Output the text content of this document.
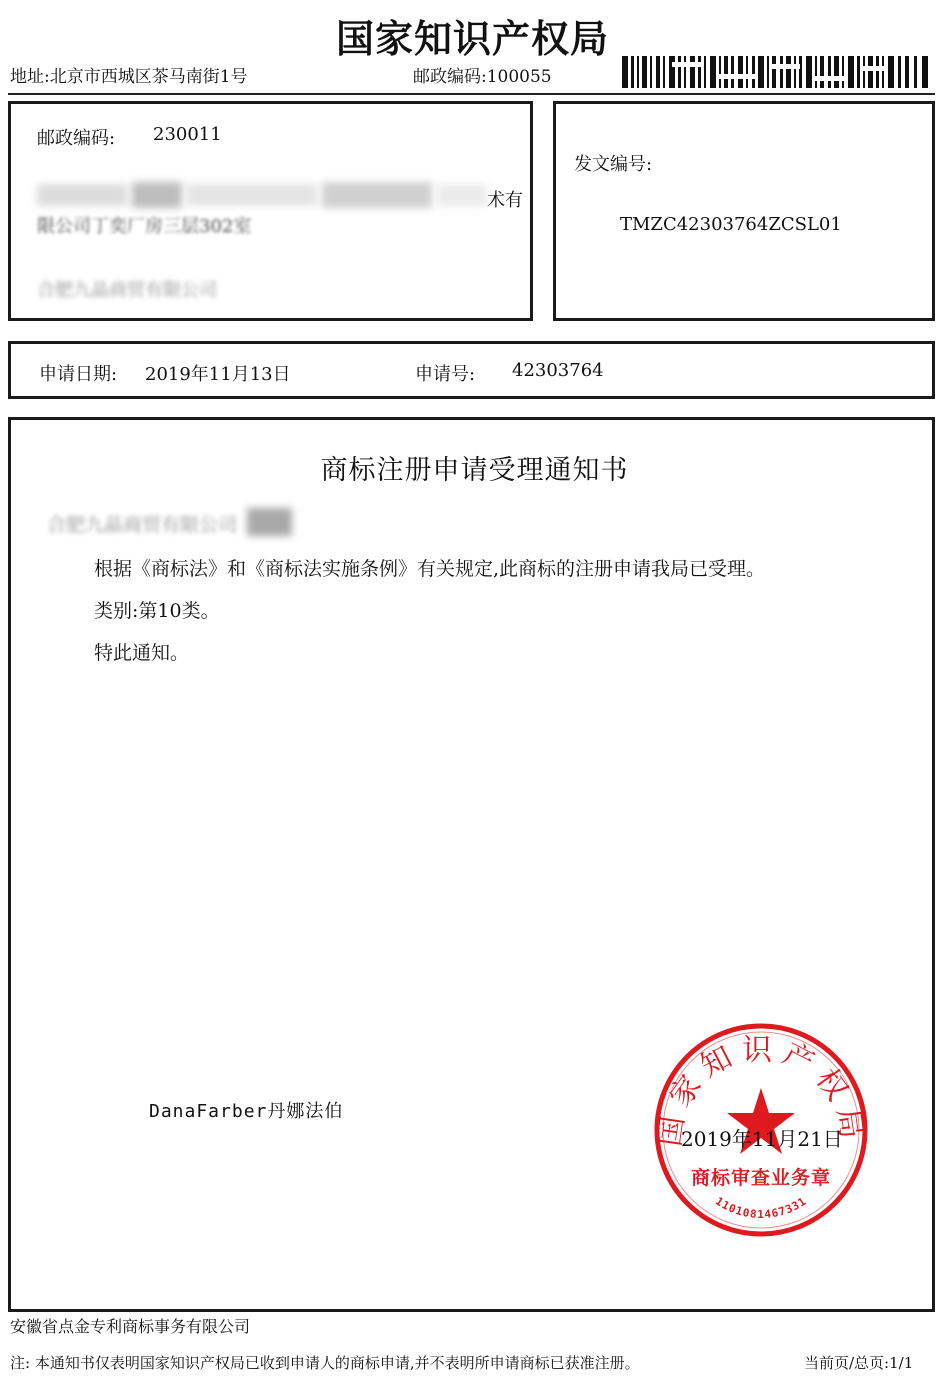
国家知识产权局
地址:北京市西城区茶马南街1号	邮政编码:100055
邮政编码: 230011
术有
限公司丁奕厂房三层302室
合肥九晶商贸有限公司
发文编号:
TMZC42303764ZCSL01
申请日期: 2019年11月13日	申请号: 42303764
商标注册申请受理通知书
合肥九晶商贸有限公司
根据《商标法》和《商标法实施条例》有关规定,此商标的注册申请我局已受理。
类别:第10类。
特此通知。
DanaFarber丹娜法伯	国家知识产权局
商标审查业务章
1101081467331
2019年11月21日
安徽省点金专利商标事务有限公司
注: 本通知书仅表明国家知识产权局已收到申请人的商标申请,并不表明所申请商标已获准注册。	当前页/总页:1/1
